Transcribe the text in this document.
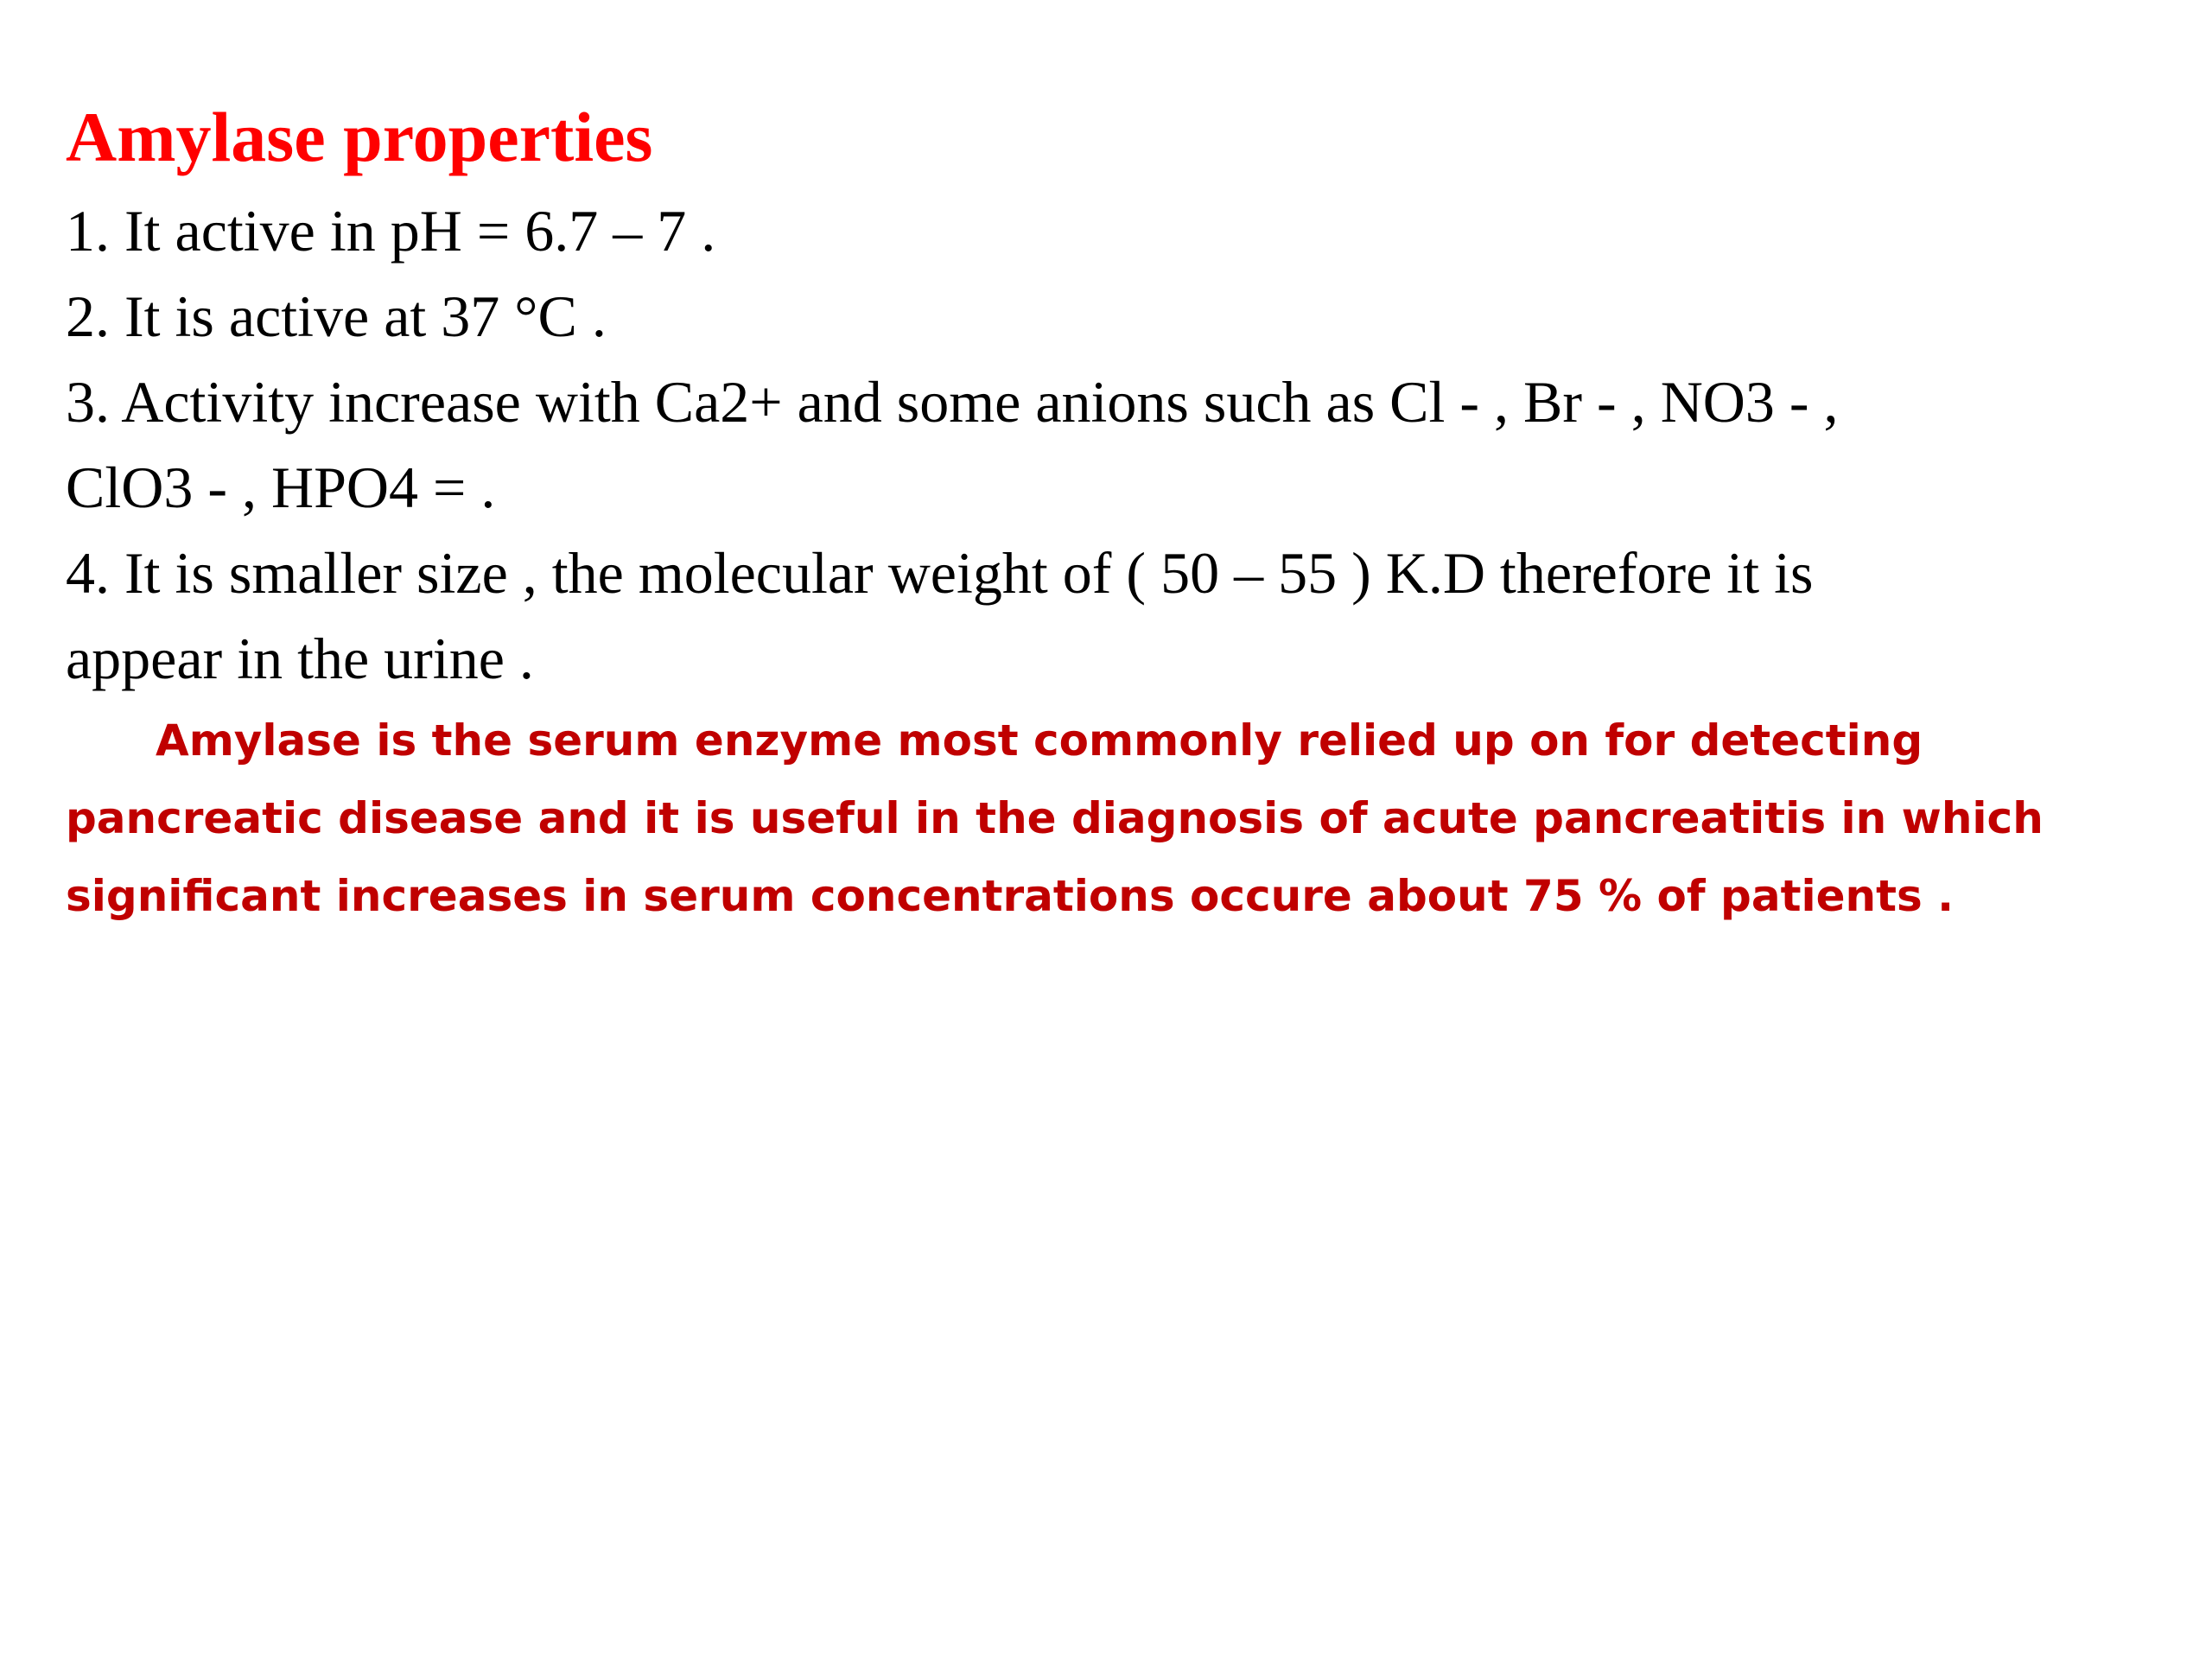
Amylase properties

1. It active in pH = 6.7 – 7 .

2. It is active at 37 °C .

3. Activity increase with Ca2+ and some anions such as Cl - , Br - , NO3 - ,

ClO3 - , HPO4 = .

4. It is smaller size , the molecular weight of ( 50 – 55 ) K.D therefore it is

appear in the urine .

Amylase is the serum enzyme most commonly relied up on for detecting

pancreatic disease and it is useful in the diagnosis of acute pancreatitis in which

significant increases in serum concentrations occure about 75 % of patients .
